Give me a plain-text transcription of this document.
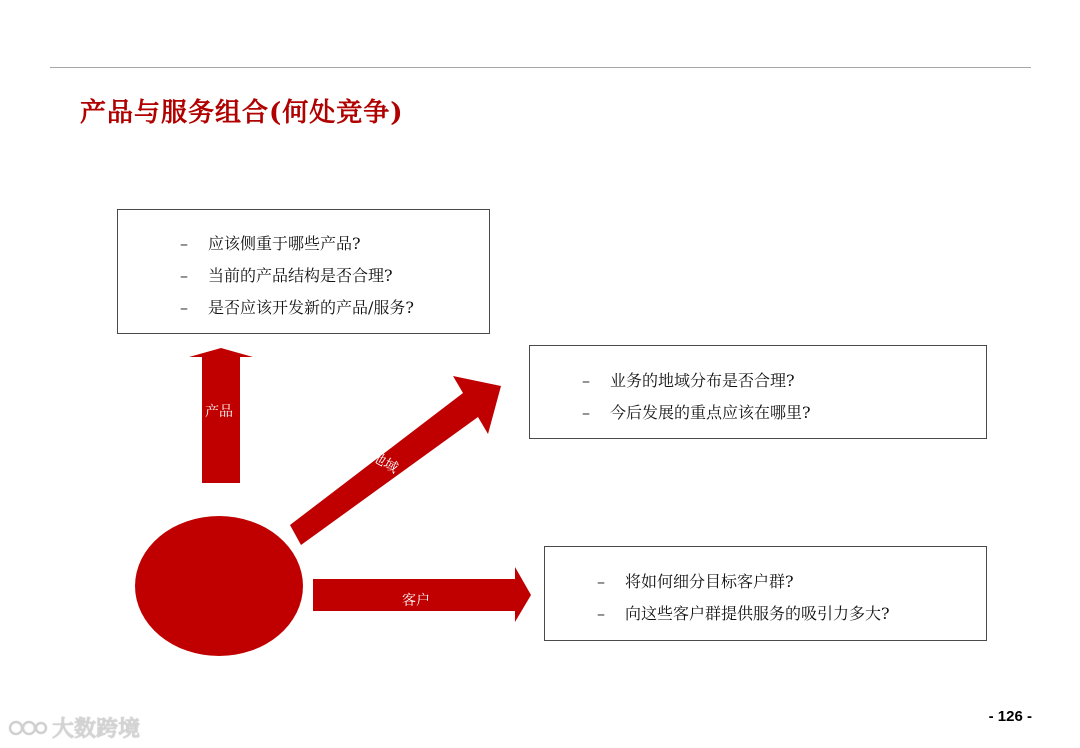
产品与服务组合(何处竞争)
产品
地域
客户
–	应该侧重于哪些产品?
–	当前的产品结构是否合理?
–	是否应该开发新的产品/服务?
–	业务的地域分布是否合理?
–	今后发展的重点应该在哪里?
–	将如何细分目标客户群?
–	向这些客户群提供服务的吸引力多大?
大数跨境
- 126 -
